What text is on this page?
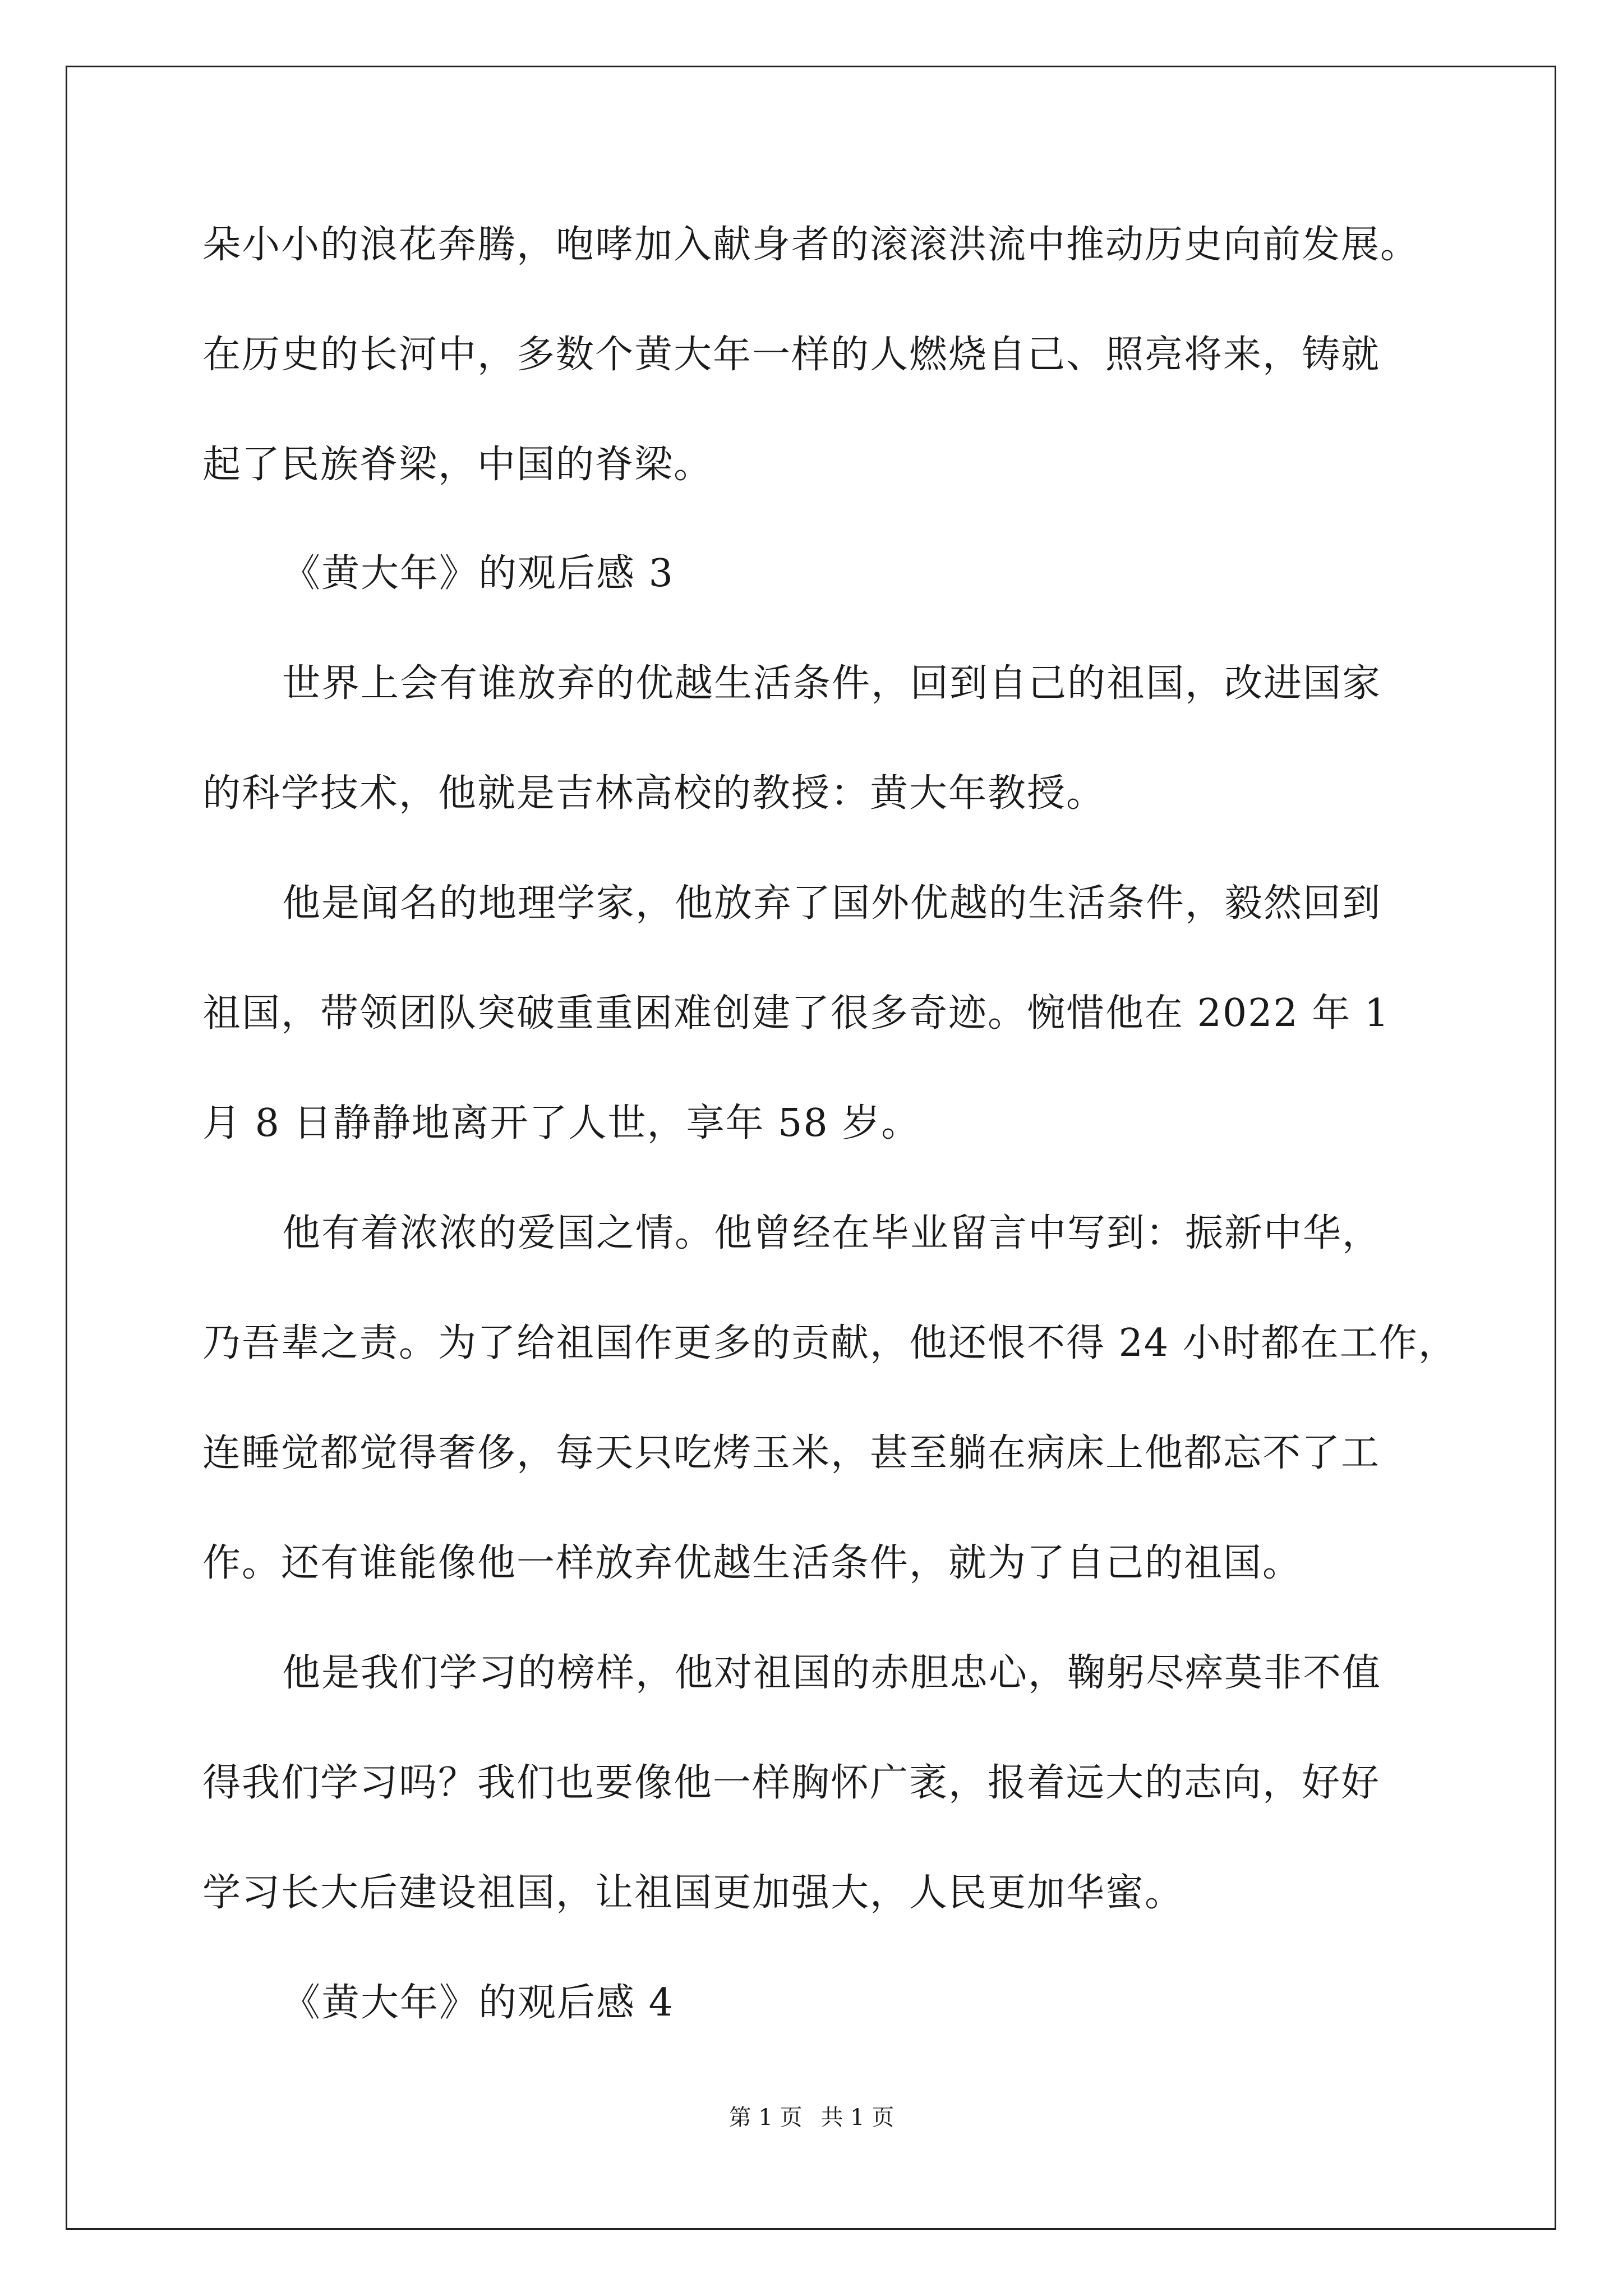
朵小小的浪花奔腾，咆哮加入献身者的滚滚洪流中推动历史向前发展。
在历史的长河中，多数个黄大年一样的人燃烧自己、照亮将来，铸就
起了民族脊梁，中国的脊梁。
《黄大年》的观后感 3
世界上会有谁放弃的优越生活条件，回到自己的祖国，改进国家
的科学技术，他就是吉林高校的教授：黄大年教授。
他是闻名的地理学家，他放弃了国外优越的生活条件，毅然回到
祖国，带领团队突破重重困难创建了很多奇迹。惋惜他在 2022 年 1
月 8 日静静地离开了人世，享年 58 岁。
他有着浓浓的爱国之情。他曾经在毕业留言中写到：振新中华，
乃吾辈之责。为了给祖国作更多的贡献，他还恨不得 24 小时都在工作，
连睡觉都觉得奢侈，每天只吃烤玉米，甚至躺在病床上他都忘不了工
作。还有谁能像他一样放弃优越生活条件，就为了自己的祖国。
他是我们学习的榜样，他对祖国的赤胆忠心，鞠躬尽瘁莫非不值
得我们学习吗？我们也要像他一样胸怀广袤，报着远大的志向，好好
学习长大后建设祖国，让祖国更加强大，人民更加华蜜。
《黄大年》的观后感 4
第 1 页 共 1 页
